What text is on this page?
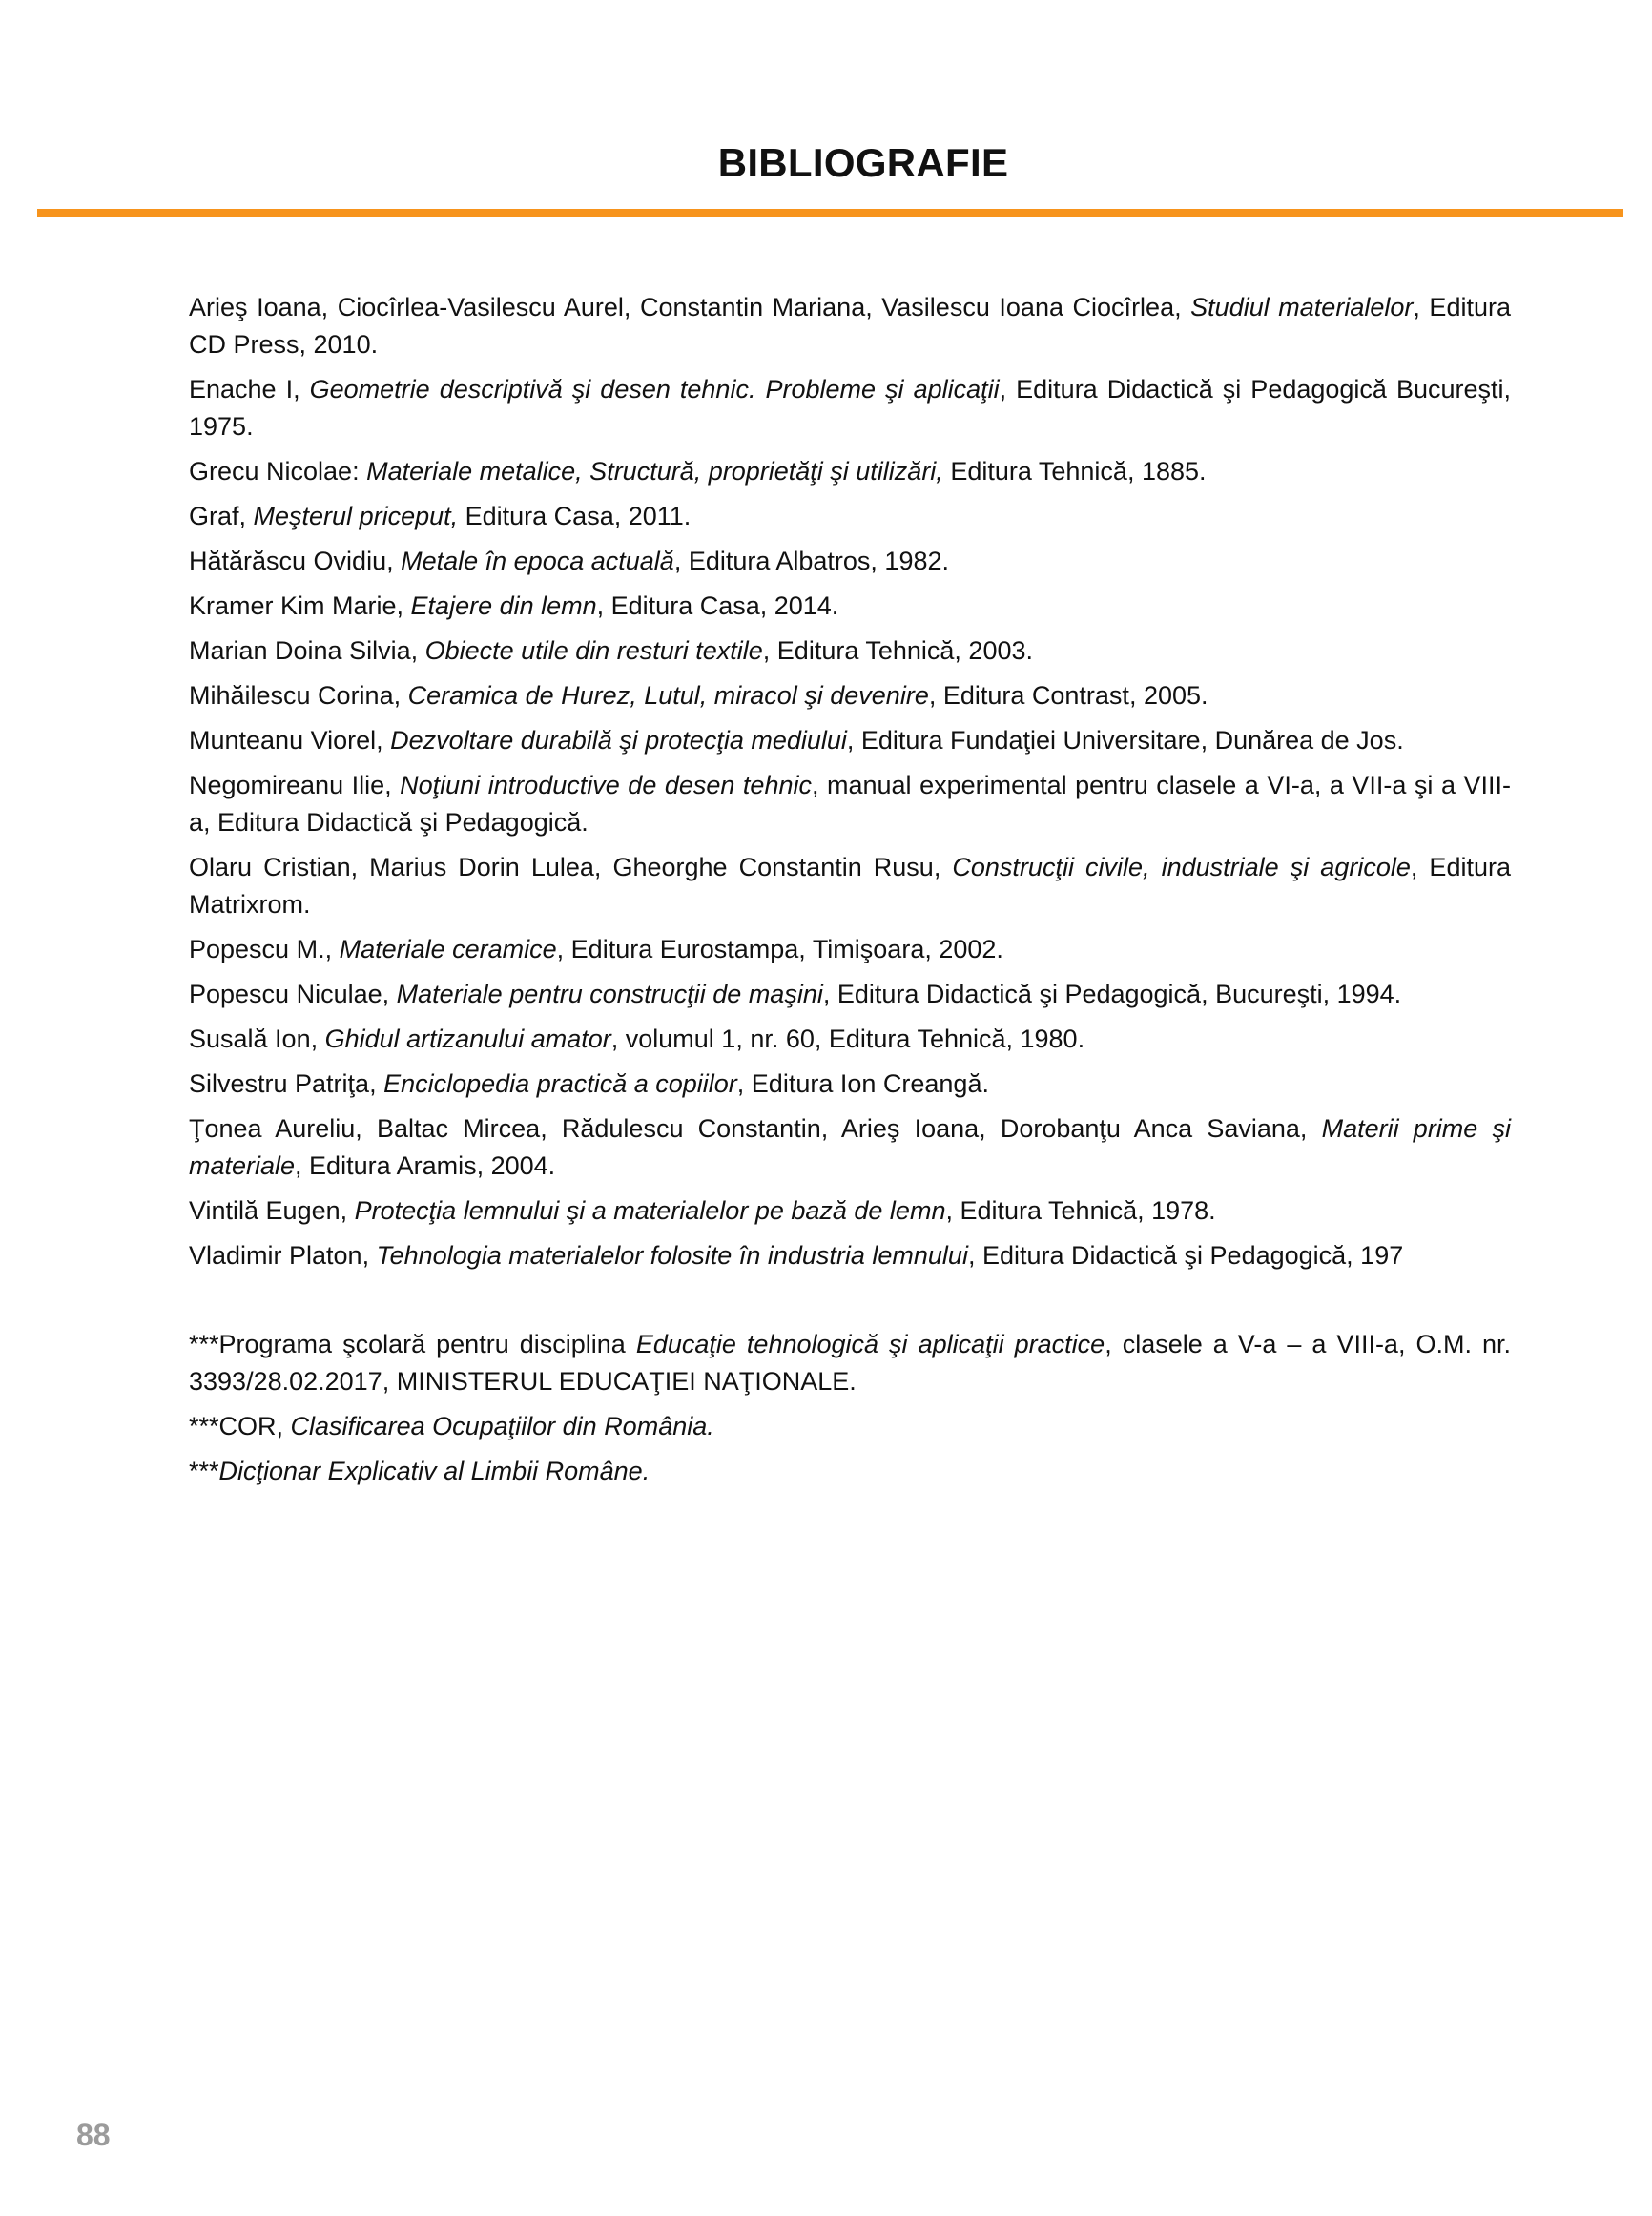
BIBLIOGRAFIE
Arieş Ioana, Ciocîrlea-Vasilescu Aurel, Constantin Mariana, Vasilescu Ioana Ciocîrlea, Studiul materialelor, Editura CD Press, 2010.
Enache I, Geometrie descriptivă şi desen tehnic. Probleme şi aplicaţii, Editura Didactică şi Pedagogică Bucureşti, 1975.
Grecu Nicolae: Materiale metalice, Structură, proprietăţi şi utilizări, Editura Tehnică, 1885.
Graf, Meşterul priceput, Editura Casa, 2011.
Hătărăscu Ovidiu, Metale în epoca actuală, Editura Albatros, 1982.
Kramer Kim Marie, Etajere din lemn, Editura Casa, 2014.
Marian Doina Silvia, Obiecte utile din resturi textile, Editura Tehnică, 2003.
Mihăilescu Corina, Ceramica de Hurez, Lutul, miracol şi devenire, Editura Contrast, 2005.
Munteanu Viorel, Dezvoltare durabilă şi protecţia mediului, Editura Fundaţiei Universitare, Dunărea de Jos.
Negomireanu Ilie, Noţiuni introductive de desen tehnic, manual experimental pentru clasele a VI-a, a VII-a şi a VIII-a, Editura Didactică şi Pedagogică.
Olaru Cristian, Marius Dorin Lulea, Gheorghe Constantin Rusu, Construcţii civile, industriale şi agricole, Editura Matrixrom.
Popescu M., Materiale ceramice, Editura Eurostampa, Timişoara, 2002.
Popescu Niculae, Materiale pentru construcţii de maşini, Editura Didactică şi Pedagogică, Bucureşti, 1994.
Susală Ion, Ghidul artizanului amator, volumul 1, nr. 60, Editura Tehnică, 1980.
Silvestru Patriţa, Enciclopedia practică a copiilor, Editura Ion Creangă.
Ţonea Aureliu, Baltac Mircea, Rădulescu Constantin, Arieş Ioana, Dorobanţu Anca Saviana, Materii prime şi materiale, Editura Aramis, 2004.
Vintilă Eugen, Protecţia lemnului şi a materialelor pe bază de lemn, Editura Tehnică, 1978.
Vladimir Platon, Tehnologia materialelor folosite în industria lemnului, Editura Didactică şi Pedagogică, 197
***Programa şcolară pentru disciplina Educaţie tehnologică şi aplicaţii practice, clasele a V-a – a VIII-a, O.M. nr. 3393/28.02.2017, MINISTERUL EDUCAŢIEI NAŢIONALE.
***COR, Clasificarea Ocupaţiilor din România.
***Dicţionar Explicativ al Limbii Române.
88
